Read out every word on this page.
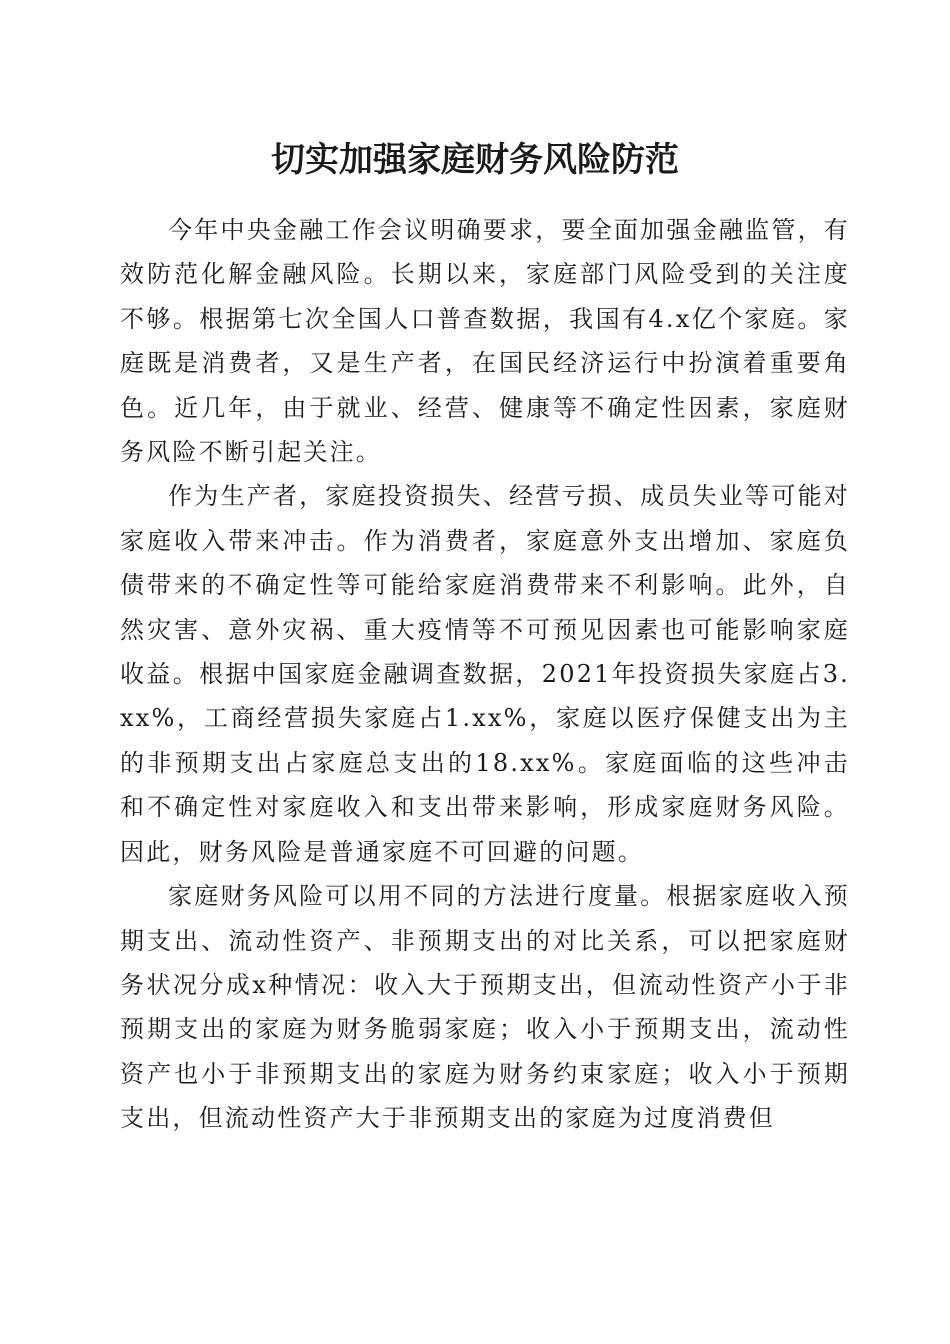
切实加强家庭财务风险防范

今年中央金融工作会议明确要求，要全面加强金融监管，有效防范化解金融风险。长期以来，家庭部门风险受到的关注度不够。根据第七次全国人口普查数据，我国有4.x亿个家庭。家庭既是消费者，又是生产者，在国民经济运行中扮演着重要角色。近几年，由于就业、经营、健康等不确定性因素，家庭财务风险不断引起关注。

作为生产者，家庭投资损失、经营亏损、成员失业等可能对家庭收入带来冲击。作为消费者，家庭意外支出增加、家庭负债带来的不确定性等可能给家庭消费带来不利影响。此外，自然灾害、意外灾祸、重大疫情等不可预见因素也可能影响家庭收益。根据中国家庭金融调查数据，2021年投资损失家庭占3.xx%，工商经营损失家庭占1.xx%，家庭以医疗保健支出为主的非预期支出占家庭总支出的18.xx%。家庭面临的这些冲击和不确定性对家庭收入和支出带来影响，形成家庭财务风险。因此，财务风险是普通家庭不可回避的问题。

家庭财务风险可以用不同的方法进行度量。根据家庭收入预期支出、流动性资产、非预期支出的对比关系，可以把家庭财务状况分成x种情况：收入大于预期支出，但流动性资产小于非预期支出的家庭为财务脆弱家庭；收入小于预期支出，流动性资产也小于非预期支出的家庭为财务约束家庭；收入小于预期支出，但流动性资产大于非预期支出的家庭为过度消费但
